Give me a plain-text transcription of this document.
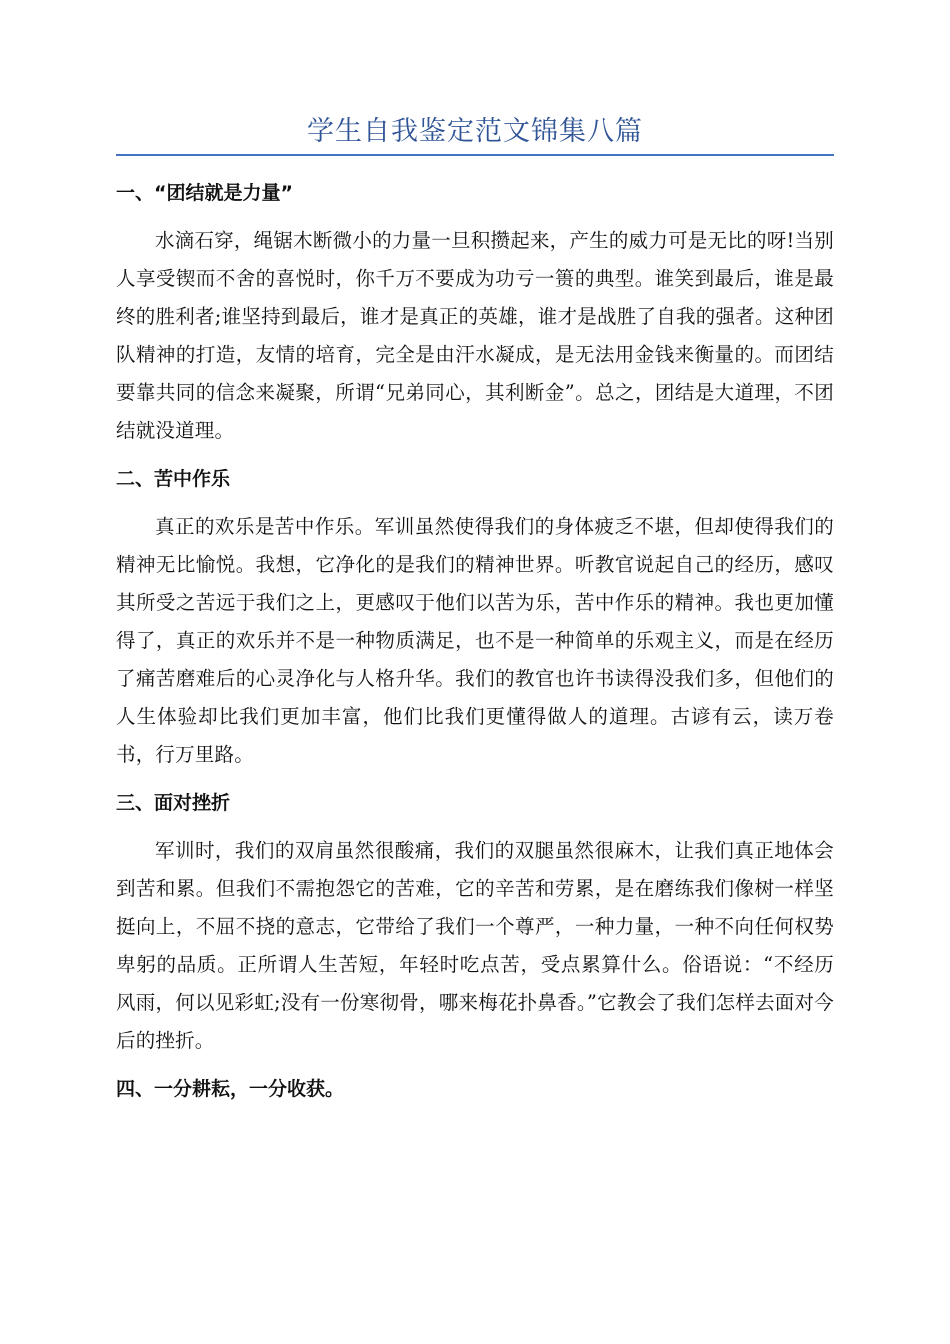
学生自我鉴定范文锦集八篇
一、“团结就是力量”

水滴石穿，绳锯木断微小的力量一旦积攒起来，产生的威力可是无比的呀!当别人享受锲而不舍的喜悦时，你千万不要成为功亏一篑的典型。谁笑到最后，谁是最终的胜利者;谁坚持到最后，谁才是真正的英雄，谁才是战胜了自我的强者。这种团队精神的打造，友情的培育，完全是由汗水凝成，是无法用金钱来衡量的。而团结要靠共同的信念来凝聚，所谓“兄弟同心，其利断金”。总之，团结是大道理，不团结就没道理。

二、苦中作乐

真正的欢乐是苦中作乐。军训虽然使得我们的身体疲乏不堪，但却使得我们的精神无比愉悦。我想，它净化的是我们的精神世界。听教官说起自己的经历，感叹其所受之苦远于我们之上，更感叹于他们以苦为乐，苦中作乐的精神。我也更加懂得了，真正的欢乐并不是一种物质满足，也不是一种简单的乐观主义，而是在经历了痛苦磨难后的心灵净化与人格升华。我们的教官也许书读得没我们多，但他们的人生体验却比我们更加丰富，他们比我们更懂得做人的道理。古谚有云，读万卷书，行万里路。

三、面对挫折

军训时，我们的双肩虽然很酸痛，我们的双腿虽然很麻木，让我们真正地体会到苦和累。但我们不需抱怨它的苦难，它的辛苦和劳累，是在磨练我们像树一样坚挺向上，不屈不挠的意志，它带给了我们一个尊严，一种力量，一种不向任何权势卑躬的品质。正所谓人生苦短，年轻时吃点苦，受点累算什么。俗语说：“不经历风雨，何以见彩虹;没有一份寒彻骨，哪来梅花扑鼻香。”它教会了我们怎样去面对今后的挫折。

四、一分耕耘，一分收获。
